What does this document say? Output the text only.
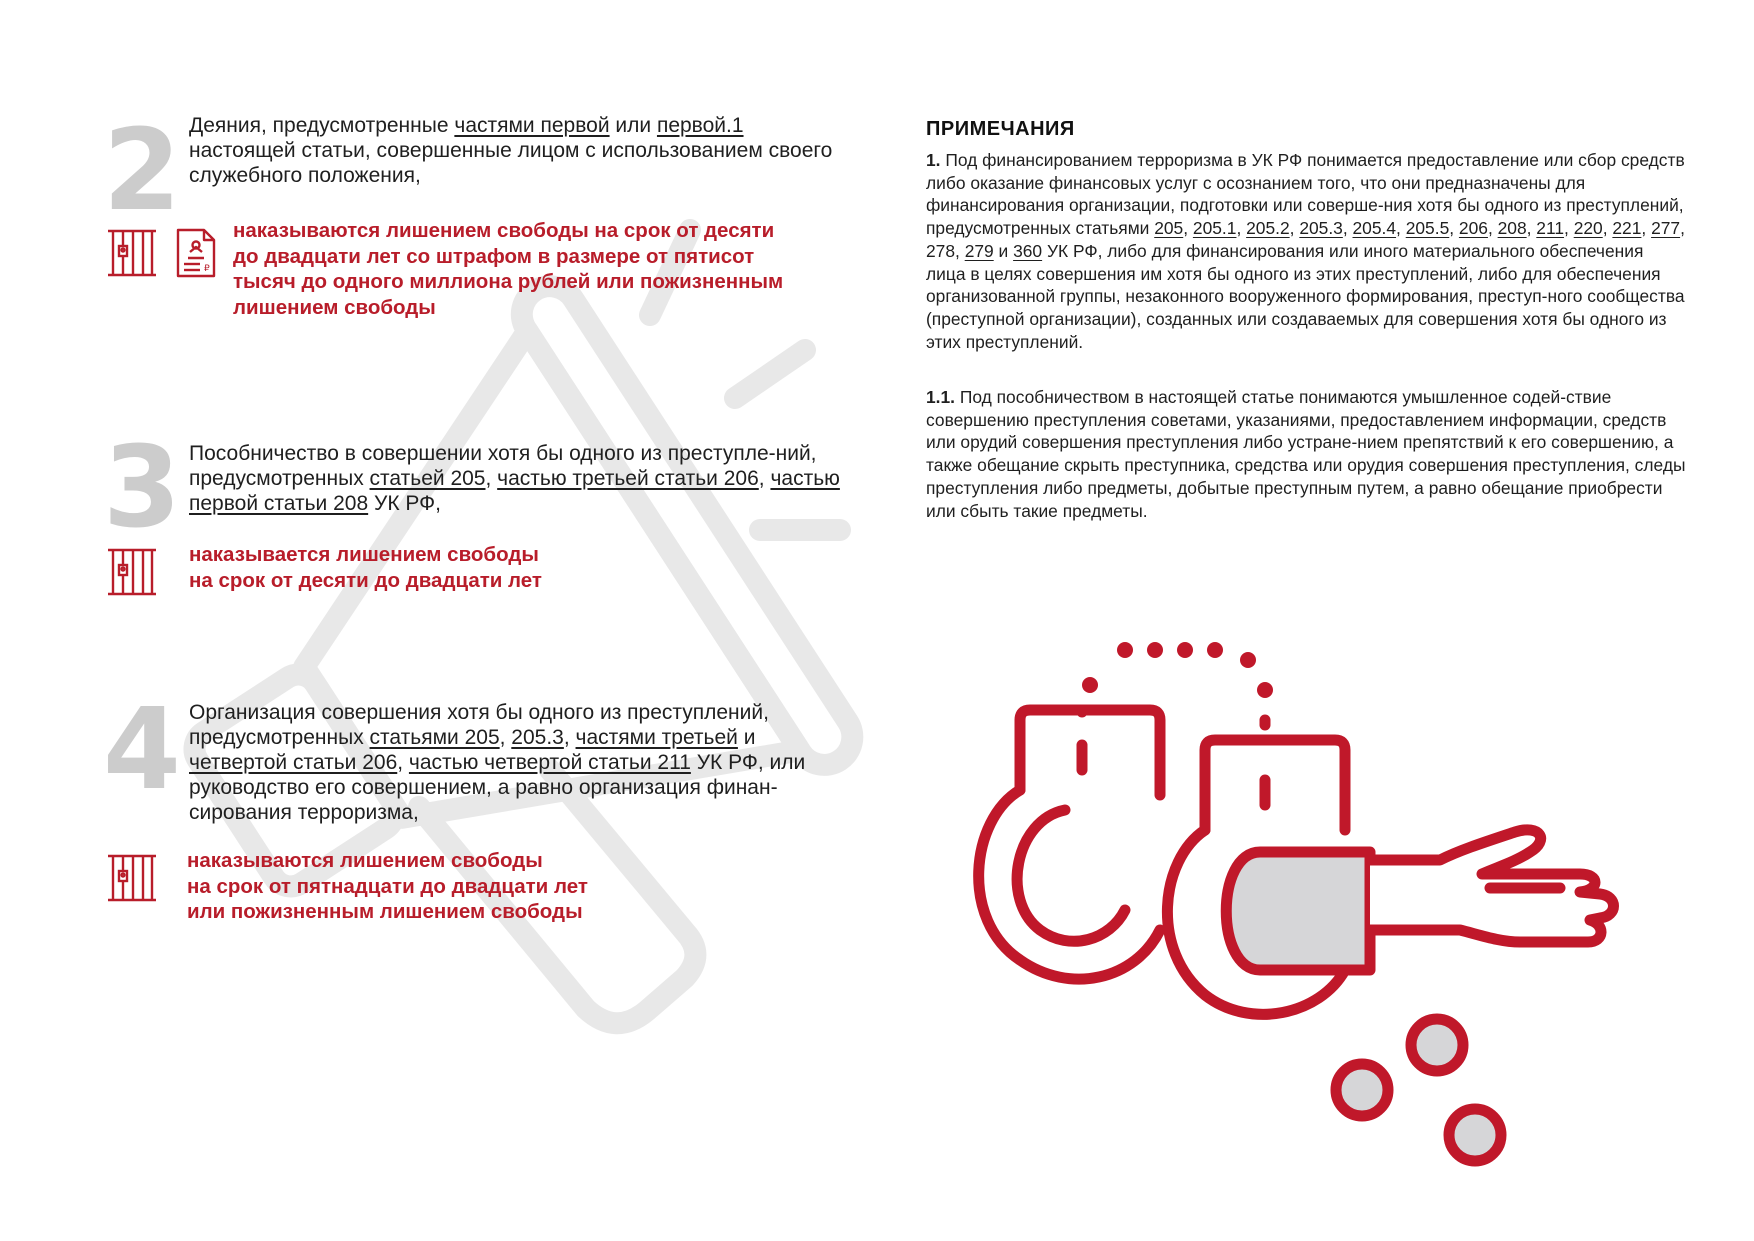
2 Деяния, предусмотренные частями первой или первой.1 настоящей статьи, совершенные лицом с использованием своего служебного положения,
₽
наказываются лишением свободы на срок от десяти
до двадцати лет со штрафом в размере от пятисот
тысяч до одного миллиона рублей или пожизненным
лишением свободы
3 Пособничество в совершении хотя бы одного из преступле-ний, предусмотренных статьей 205, частью третьей статьи 206, частью первой статьи 208 УК РФ,
наказывается лишением свободы
на срок от десяти до двадцати лет
4 Организация совершения хотя бы одного из преступлений, предусмотренных статьями 205, 205.3, частями третьей и четвертой статьи 206, частью четвертой статьи 211 УК РФ, или руководство его совершением, а равно организация финан-сирования терроризма,
наказываются лишением свободы
на срок от пятнадцати до двадцати лет
или пожизненным лишением свободы
ПРИМЕЧАНИЯ
1. Под финансированием терроризма в УК РФ понимается предоставление или сбор средств либо оказание финансовых услуг с осознанием того, что они предназначены для финансирования организации, подготовки или соверше-ния хотя бы одного из преступлений, предусмотренных статьями 205, 205.1, 205.2, 205.3, 205.4, 205.5, 206, 208, 211, 220, 221, 277, 278, 279 и 360 УК РФ, либо для финансирования или иного материального обеспечения лица в целях совершения им хотя бы одного из этих преступлений, либо для обеспечения организованной группы, незаконного вооруженного формирования, преступ-ного сообщества (преступной организации), созданных или создаваемых для совершения хотя бы одного из этих преступлений.
1.1. Под пособничеством в настоящей статье понимаются умышленное содей-ствие совершению преступления советами, указаниями, предоставлением информации, средств или орудий совершения преступления либо устране-нием препятствий к его совершению, а также обещание скрыть преступника, средства или орудия совершения преступления, следы преступления либо предметы, добытые преступным путем, а равно обещание приобрести или сбыть такие предметы.
